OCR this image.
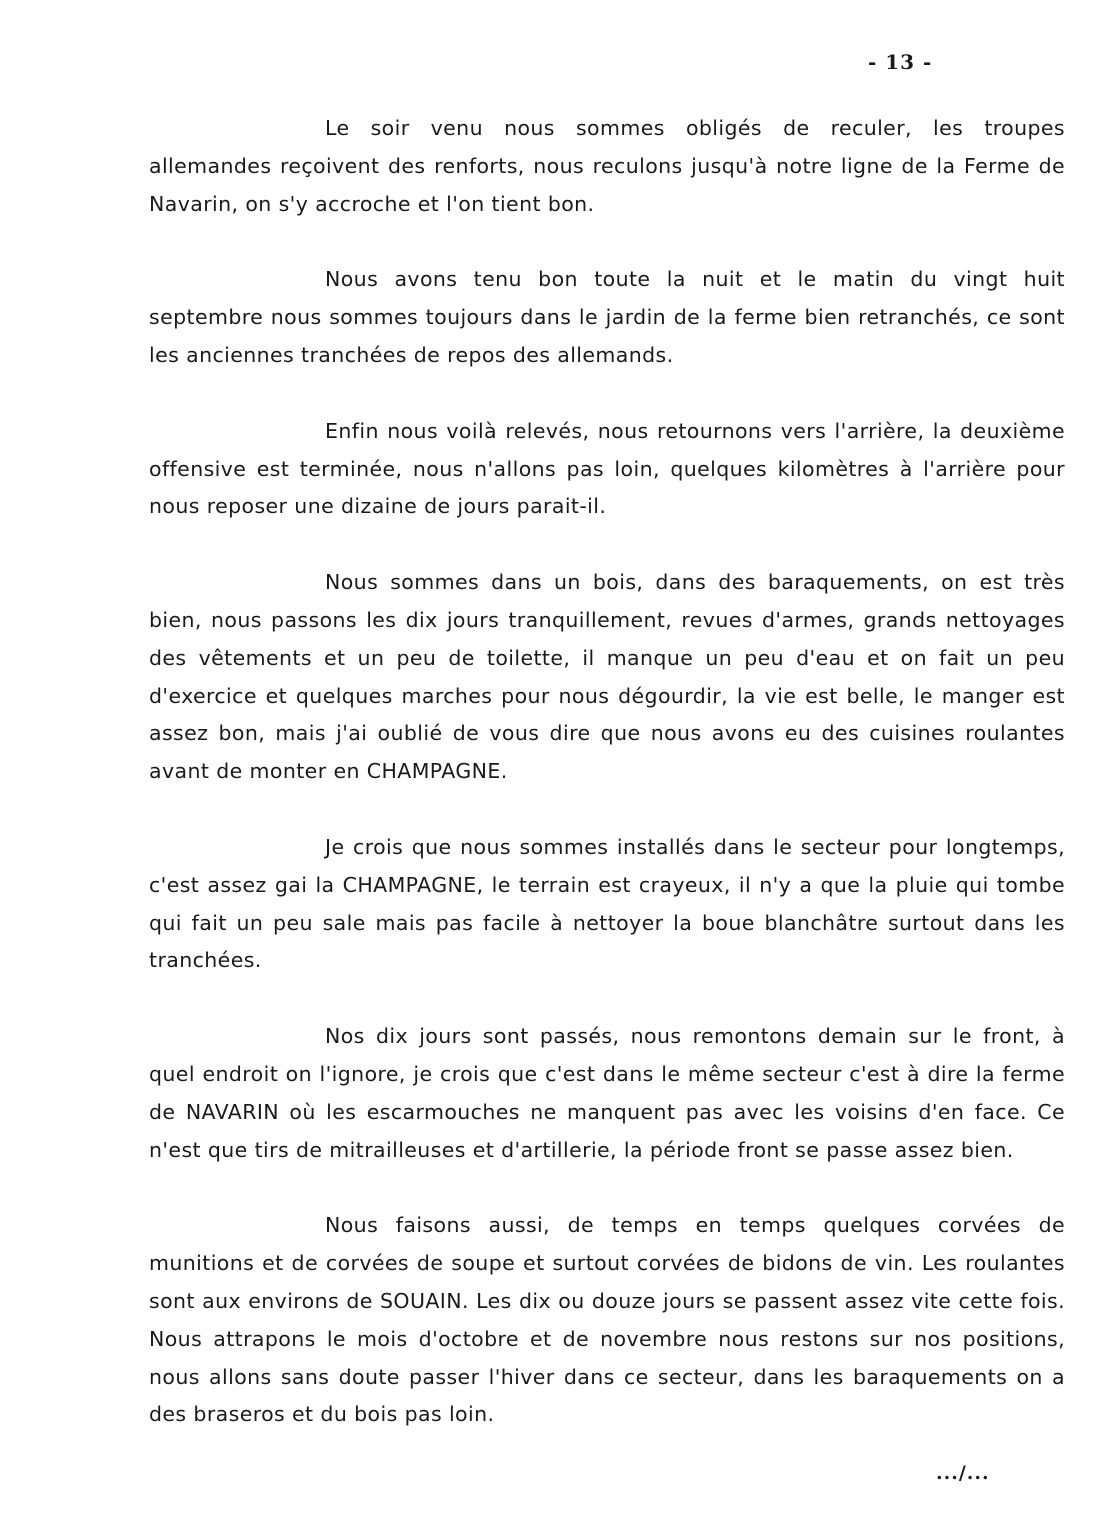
- 13 -

Le soir venu nous sommes obligés de reculer, les troupes allemandes reçoivent des renforts, nous reculons jusqu'à notre ligne de la Ferme de Navarin, on s'y accroche et l'on tient bon.

Nous avons tenu bon toute la nuit et le matin du vingt huit septembre nous sommes toujours dans le jardin de la ferme bien retranchés, ce sont les anciennes tranchées de repos des allemands.

Enfin nous voilà relevés, nous retournons vers l'arrière, la deuxième offensive est terminée, nous n'allons pas loin, quelques kilomètres à l'arrière pour nous reposer une dizaine de jours parait-il.

Nous sommes dans un bois, dans des baraquements, on est très bien, nous passons les dix jours tranquillement, revues d'armes, grands nettoyages des vêtements et un peu de toilette, il manque un peu d'eau et on fait un peu d'exercice et quelques marches pour nous dégourdir, la vie est belle, le manger est assez bon, mais j'ai oublié de vous dire que nous avons eu des cuisines roulantes avant de monter en CHAMPAGNE.

Je crois que nous sommes installés dans le secteur pour longtemps, c'est assez gai la CHAMPAGNE, le terrain est crayeux, il n'y a que la pluie qui tombe qui fait un peu sale mais pas facile à nettoyer la boue blanchâtre surtout dans les tranchées.

Nos dix jours sont passés, nous remontons demain sur le front, à quel endroit on l'ignore, je crois que c'est dans le même secteur c'est à dire la ferme de NAVARIN où les escarmouches ne manquent pas avec les voisins d'en face. Ce n'est que tirs de mitrailleuses et d'artillerie, la période front se passe assez bien.

Nous faisons aussi, de temps en temps quelques corvées de munitions et de corvées de soupe et surtout corvées de bidons de vin. Les roulantes sont aux environs de SOUAIN. Les dix ou douze jours se passent assez vite cette fois. Nous attrapons le mois d'octobre et de novembre nous restons sur nos positions, nous allons sans doute passer l'hiver dans ce secteur, dans les baraquements on a des braseros et du bois pas loin.

.../...
